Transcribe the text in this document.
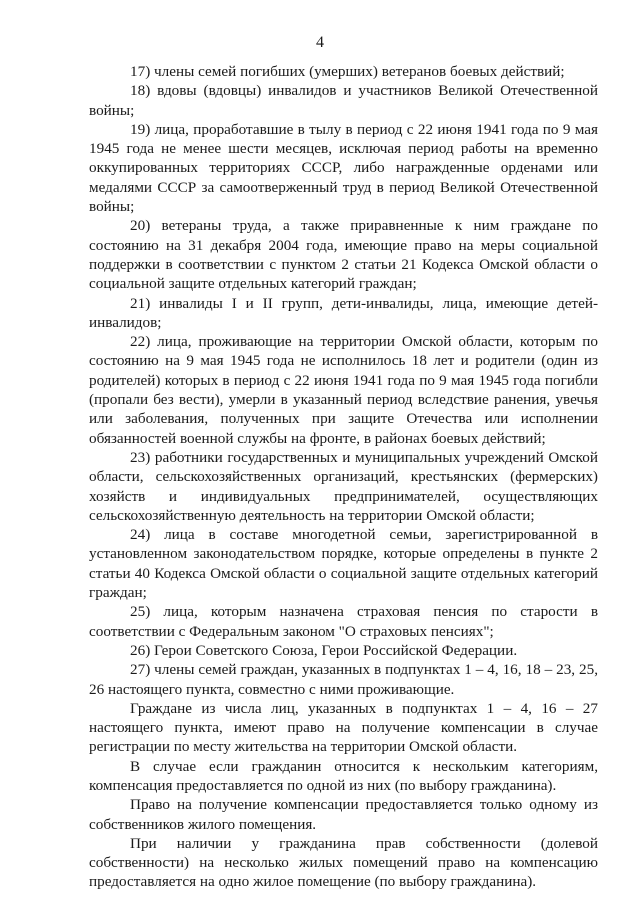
4

17) члены семей погибших (умерших) ветеранов боевых действий;

18) вдовы (вдовцы) инвалидов и участников Великой Отечественной войны;

19) лица, проработавшие в тылу в период с 22 июня 1941 года по 9 мая 1945 года не менее шести месяцев, исключая период работы на временно оккупированных территориях СССР, либо награжденные орденами или медалями СССР за самоотверженный труд в период Великой Отечественной войны;

20) ветераны труда, а также приравненные к ним граждане по состоянию на 31 декабря 2004 года, имеющие право на меры социальной поддержки в соответствии с пунктом 2 статьи 21 Кодекса Омской области о социальной защите отдельных категорий граждан;

21) инвалиды I и II групп, дети-инвалиды, лица, имеющие детей-инвалидов;

22) лица, проживающие на территории Омской области, которым по состоянию на 9 мая 1945 года не исполнилось 18 лет и родители (один из родителей) которых в период с 22 июня 1941 года по 9 мая 1945 года погибли (пропали без вести), умерли в указанный период вследствие ранения, увечья или заболевания, полученных при защите Отечества или исполнении обязанностей военной службы на фронте, в районах боевых действий;

23) работники государственных и муниципальных учреждений Омской области, сельскохозяйственных организаций, крестьянских (фермерских) хозяйств и индивидуальных предпринимателей, осуществляющих сельскохозяйственную деятельность на территории Омской области;

24) лица в составе многодетной семьи, зарегистрированной в установленном законодательством порядке, которые определены в пункте 2 статьи 40 Кодекса Омской области о социальной защите отдельных категорий граждан;

25) лица, которым назначена страховая пенсия по старости в соответствии с Федеральным законом "О страховых пенсиях";

26) Герои Советского Союза, Герои Российской Федерации.

27) члены семей граждан, указанных в подпунктах 1 – 4, 16, 18 – 23, 25, 26 настоящего пункта, совместно с ними проживающие.

Граждане из числа лиц, указанных в подпунктах 1 – 4, 16 – 27 настоящего пункта, имеют право на получение компенсации в случае регистрации по месту жительства на территории Омской области.

В случае если гражданин относится к нескольким категориям, компенсация предоставляется по одной из них (по выбору гражданина).

Право на получение компенсации предоставляется только одному из собственников жилого помещения.

При наличии у гражданина прав собственности (долевой собственности) на несколько жилых помещений право на компенсацию предоставляется на одно жилое помещение (по выбору гражданина).
